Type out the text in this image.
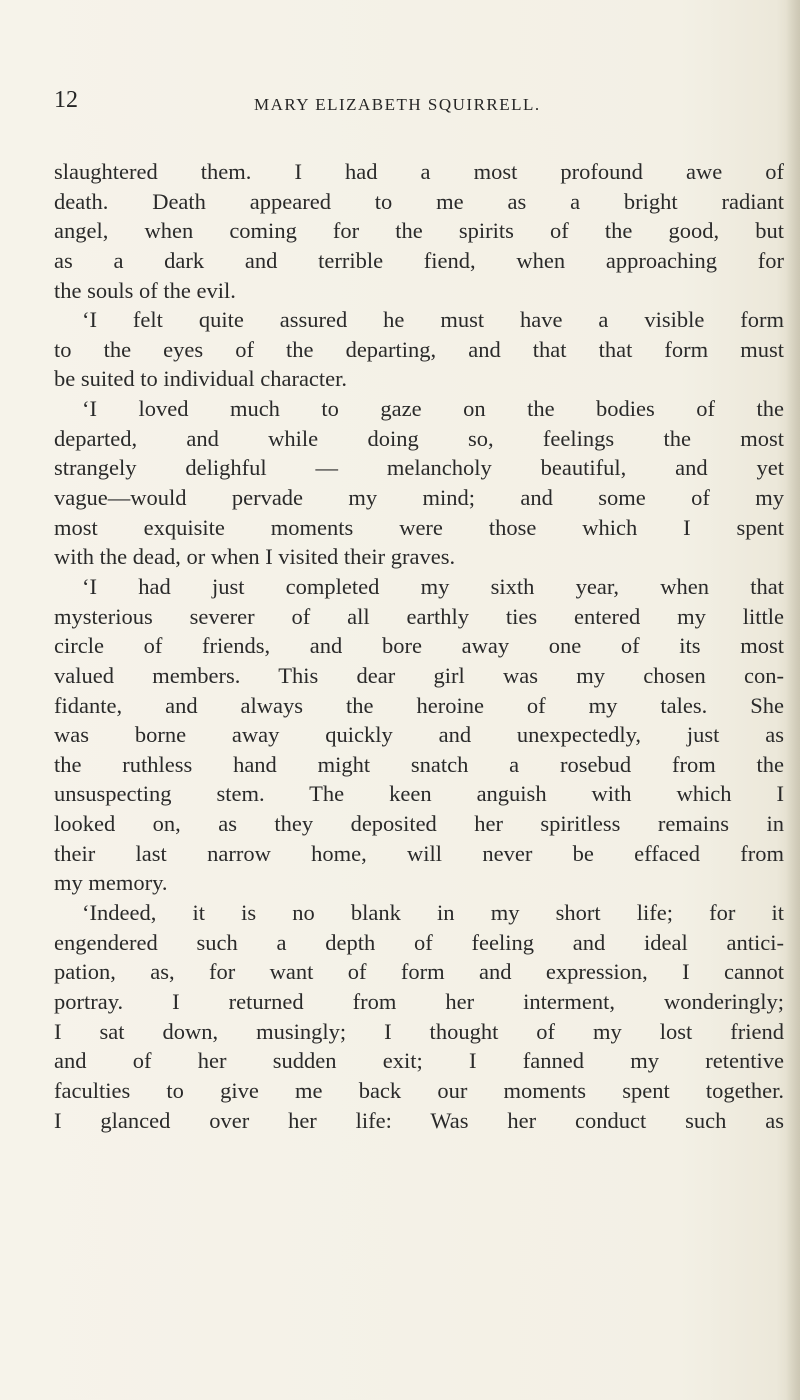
12	MARY ELIZABETH SQUIRRELL.
slaughtered them. I had a most profound awe of
death. Death appeared to me as a bright radiant
angel, when coming for the spirits of the good, but
as a dark and terrible fiend, when approaching for
the souls of the evil.
‘I felt quite assured he must have a visible form
to the eyes of the departing, and that that form must
be suited to individual character.
‘I loved much to gaze on the bodies of the
departed, and while doing so, feelings the most
strangely delighful — melancholy beautiful, and yet
vague—would pervade my mind; and some of my
most exquisite moments were those which I spent
with the dead, or when I visited their graves.
‘I had just completed my sixth year, when that
mysterious severer of all earthly ties entered my little
circle of friends, and bore away one of its most
valued members. This dear girl was my chosen con-
fidante, and always the heroine of my tales. She
was borne away quickly and unexpectedly, just as
the ruthless hand might snatch a rosebud from the
unsuspecting stem. The keen anguish with which I
looked on, as they deposited her spiritless remains in
their last narrow home, will never be effaced from
my memory.
‘Indeed, it is no blank in my short life; for it
engendered such a depth of feeling and ideal antici-
pation, as, for want of form and expression, I cannot
portray. I returned from her interment, wonderingly;
I sat down, musingly; I thought of my lost friend
and of her sudden exit; I fanned my retentive
faculties to give me back our moments spent together.
I glanced over her life: Was her conduct such as
